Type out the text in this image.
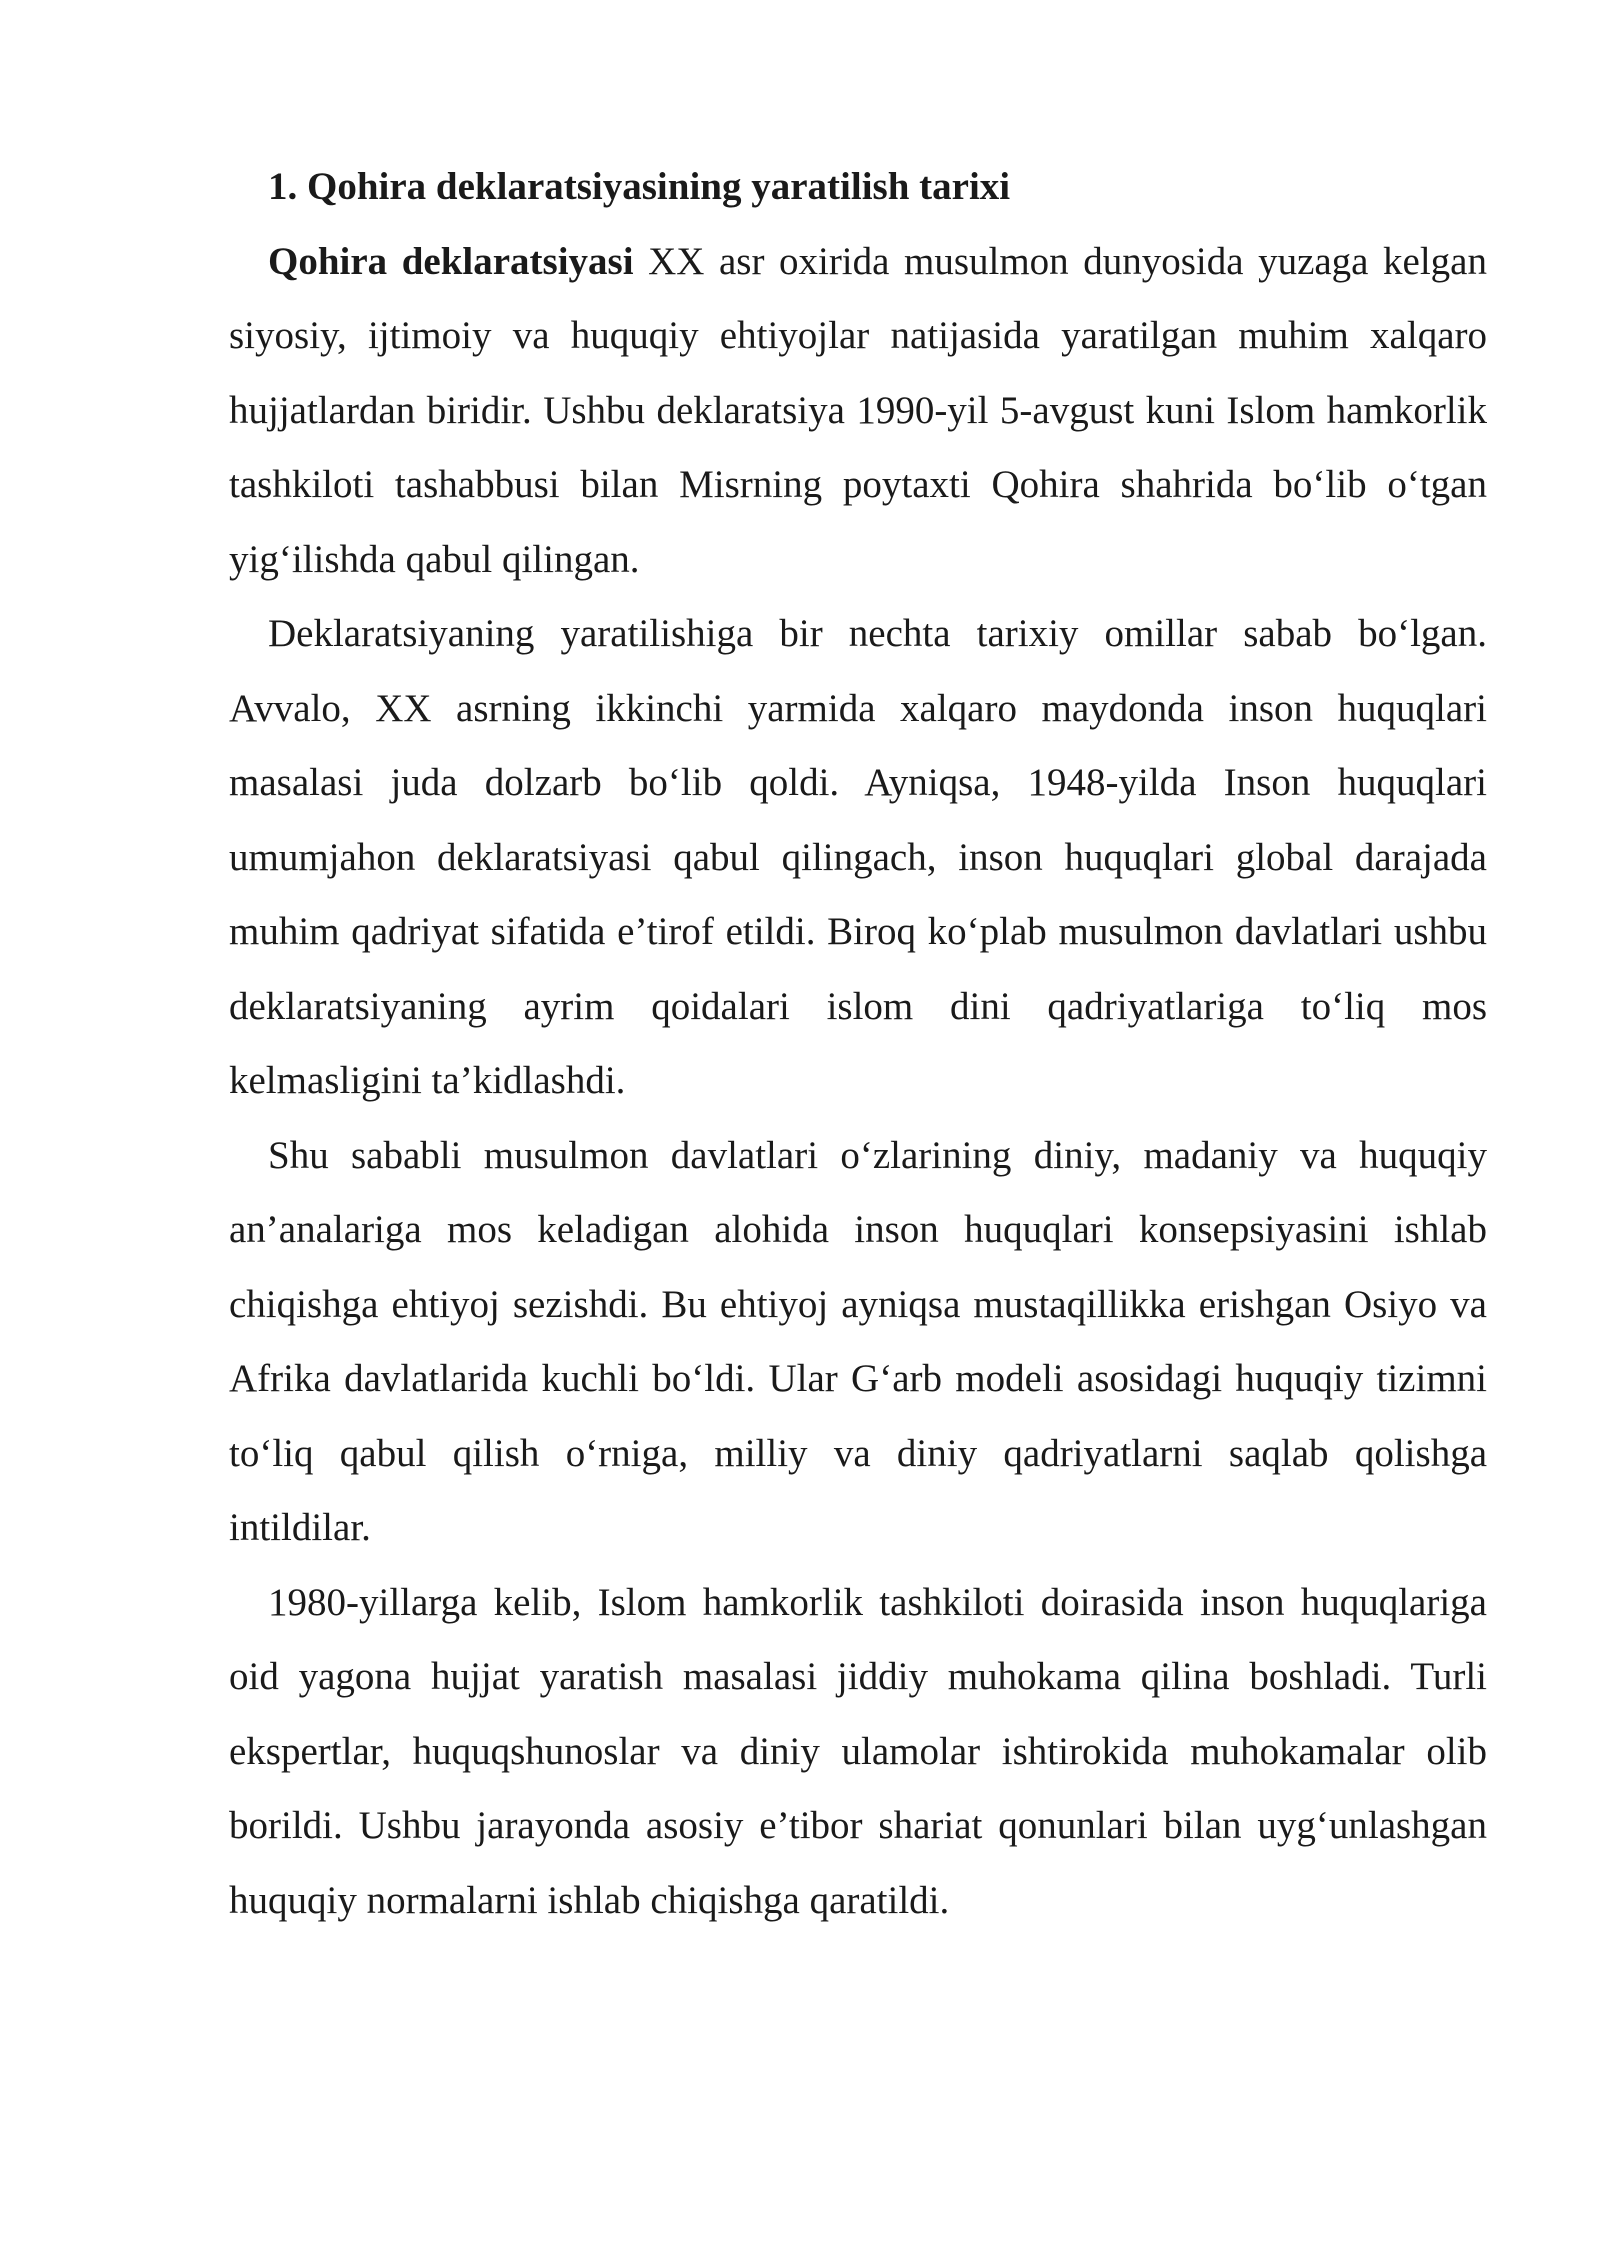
1. Qohira deklaratsiyasining yaratilish tarixi

Qohira deklaratsiyasi XX asr oxirida musulmon dunyosida yuzaga kelgan siyosiy, ijtimoiy va huquqiy ehtiyojlar natijasida yaratilgan muhim xalqaro hujjatlardan biridir. Ushbu deklaratsiya 1990-yil 5-avgust kuni Islom hamkorlik tashkiloti tashabbusi bilan Misrning poytaxti Qohira shahrida boʻlib oʻtgan yigʻilishda qabul qilingan.

Deklaratsiyaning yaratilishiga bir nechta tarixiy omillar sabab boʻlgan. Avvalo, XX asrning ikkinchi yarmida xalqaro maydonda inson huquqlari masalasi juda dolzarb boʻlib qoldi. Ayniqsa, 1948-yilda Inson huquqlari umumjahon deklaratsiyasi qabul qilingach, inson huquqlari global darajada muhim qadriyat sifatida e’tirof etildi. Biroq koʻplab musulmon davlatlari ushbu deklaratsiyaning ayrim qoidalari islom dini qadriyatlariga toʻliq mos kelmasligini ta’kidlashdi.

Shu sababli musulmon davlatlari oʻzlarining diniy, madaniy va huquqiy an’analariga mos keladigan alohida inson huquqlari konsepsiyasini ishlab chiqishga ehtiyoj sezishdi. Bu ehtiyoj ayniqsa mustaqillikka erishgan Osiyo va Afrika davlatlarida kuchli boʻldi. Ular Gʻarb modeli asosidagi huquqiy tizimni toʻliq qabul qilish oʻrniga, milliy va diniy qadriyatlarni saqlab qolishga intildilar.

1980-yillarga kelib, Islom hamkorlik tashkiloti doirasida inson huquqlariga oid yagona hujjat yaratish masalasi jiddiy muhokama qilina boshladi. Turli ekspertlar, huquqshunoslar va diniy ulamolar ishtirokida muhokamalar olib borildi. Ushbu jarayonda asosiy e’tibor shariat qonunlari bilan uygʻunlashgan huquqiy normalarni ishlab chiqishga qaratildi.
